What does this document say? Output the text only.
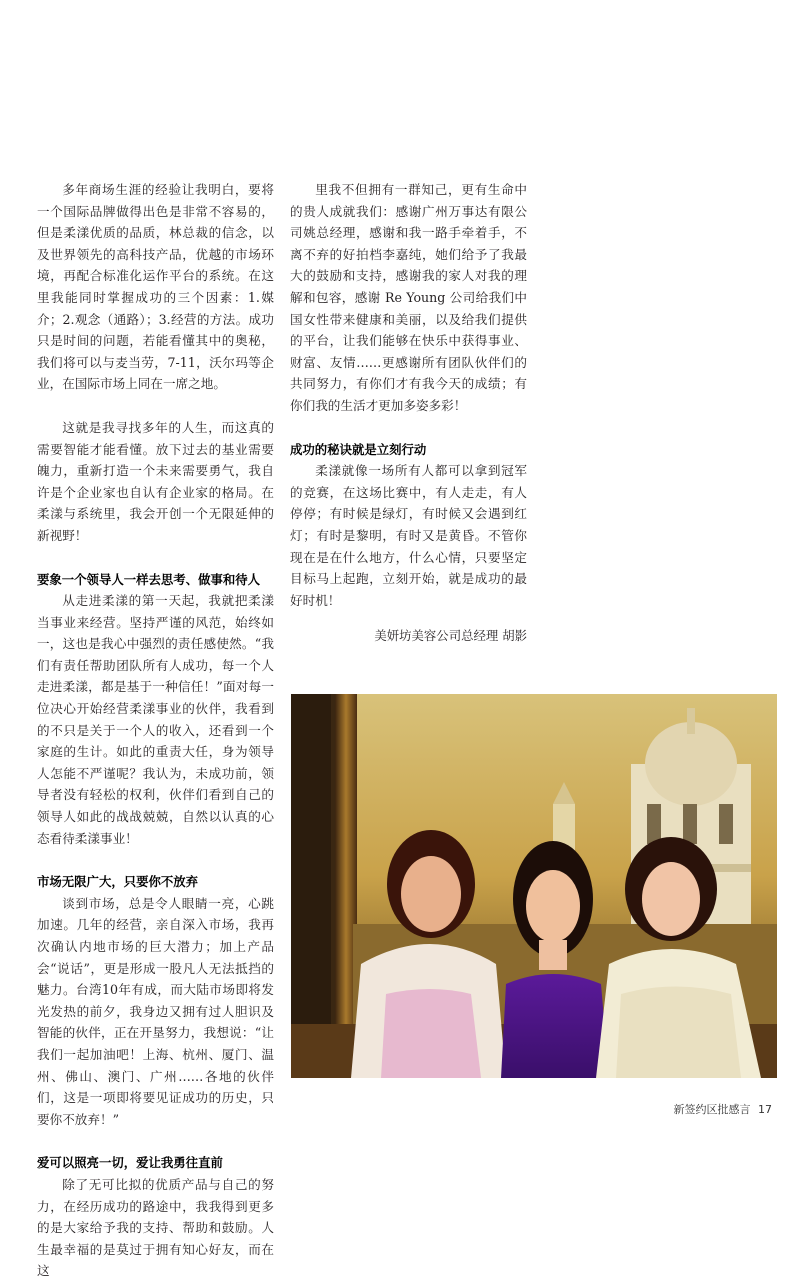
多年商场生涯的经验让我明白，要将一个国际品牌做得出色是非常不容易的，但是柔漾优质的品质，林总裁的信念，以及世界领先的高科技产品，优越的市场环境，再配合标准化运作平台的系统。在这里我能同时掌握成功的三个因素：1.媒介；2.观念（通路）；3.经营的方法。成功只是时间的问题，若能看懂其中的奥秘，我们将可以与麦当劳，7-11，沃尔玛等企业，在国际市场上同在一席之地。

这就是我寻找多年的人生，而这真的需要智能才能看懂。放下过去的基业需要魄力，重新打造一个未来需要勇气，我自许是个企业家也自认有企业家的格局。在柔漾与系统里，我会开创一个无限延伸的新视野！

要象一个领导人一样去思考、做事和待人

从走进柔漾的第一天起，我就把柔漾当事业来经营。坚持严谨的风范，始终如一，这也是我心中强烈的责任感使然。“我们有责任帮助团队所有人成功，每一个人走进柔漾，都是基于一种信任！”面对每一位决心开始经营柔漾事业的伙伴，我看到的不只是关于一个人的收入，还看到一个家庭的生计。如此的重责大任，身为领导人怎能不严谨呢？我认为，未成功前，领导者没有轻松的权利，伙伴们看到自己的领导人如此的战战兢兢，自然以认真的心态看待柔漾事业！

市场无限广大，只要你不放弃

谈到市场，总是令人眼睛一亮，心跳加速。几年的经营，亲自深入市场，我再次确认内地市场的巨大潜力；加上产品会“说话”，更是形成一股凡人无法抵挡的魅力。台湾10年有成，而大陆市场即将发光发热的前夕，我身边又拥有过人胆识及智能的伙伴，正在开垦努力，我想说：“让我们一起加油吧！上海、杭州、厦门、温州、佛山、澳门、广州……各地的伙伴们，这是一项即将要见证成功的历史，只要你不放弃！”

爱可以照亮一切，爱让我勇往直前

除了无可比拟的优质产品与自己的努力，在经历成功的路途中，我我得到更多的是大家给予我的支持、帮助和鼓励。人生最幸福的是莫过于拥有知心好友，而在这

里我不但拥有一群知己，更有生命中的贵人成就我们：感谢广州万事达有限公司姚总经理，感谢和我一路手牵着手，不离不弃的好拍档李嘉纯，她们给予了我最大的鼓励和支持，感谢我的家人对我的理解和包容，感谢 Re Young 公司给我们中国女性带来健康和美丽，以及给我们提供的平台，让我们能够在快乐中获得事业、财富、友情……更感谢所有团队伙伴们的共同努力，有你们才有我今天的成绩；有你们我的生活才更加多姿多彩！

成功的秘诀就是立刻行动

柔漾就像一场所有人都可以拿到冠军的竞赛，在这场比赛中，有人走走，有人停停；有时候是绿灯，有时候又会遇到红灯；有时是黎明，有时又是黄昏。不管你现在是在什么地方，什么心情，只要坚定目标马上起跑，立刻开始，就是成功的最好时机！

美妍坊美容公司总经理 胡影

新签约区批感言 17
